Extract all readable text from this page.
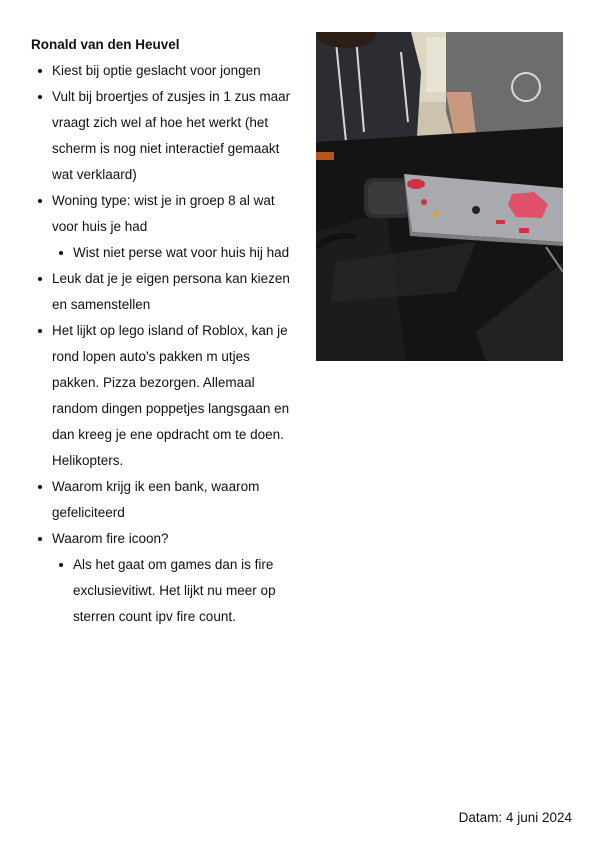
Ronald van den Heuvel
Kiest bij optie geslacht voor jongen
Vult bij broertjes of zusjes in 1 zus maar vraagt zich wel af hoe het werkt (het scherm is nog niet interactief gemaakt wat verklaard)
Woning type: wist je in groep 8 al wat voor huis je had
Wist niet perse wat voor huis hij had
Leuk dat je je eigen persona kan kiezen en samenstellen
Het lijkt op lego island of Roblox, kan je rond lopen auto’s pakken m utjes pakken. Pizza bezorgen. Allemaal random dingen poppetjes langsgaan en dan kreeg je ene opdracht om te doen. Helikopters.
Waarom krijg ik een bank, waarom gefeliciteerd
Waarom fire icoon?
Als het gaat om games dan is fire exclusievitiwt. Het lijkt nu meer op sterren count ipv fire count.
Datam: 4 juni 2024
